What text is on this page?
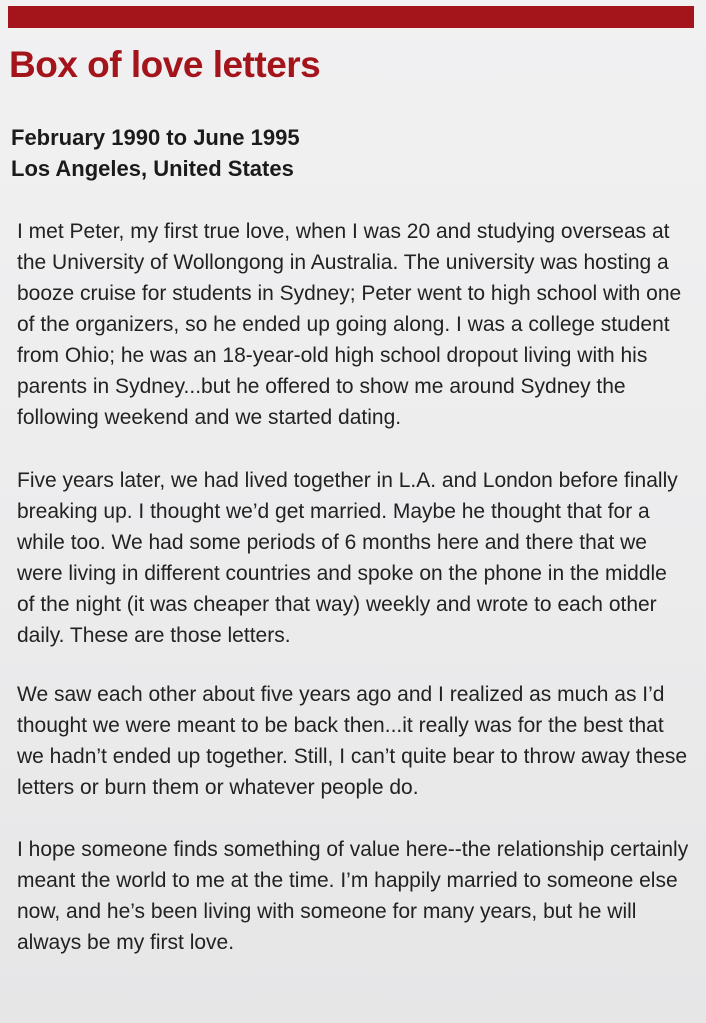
Box of love letters
February 1990 to June 1995
Los Angeles, United States

I met Peter, my first true love, when I was 20 and studying overseas at the University of Wollongong in Australia. The university was hosting a booze cruise for students in Sydney; Peter went to high school with one of the organizers, so he ended up going along. I was a college student from Ohio; he was an 18-year-old high school dropout living with his parents in Sydney...but he offered to show me around Sydney the following weekend and we started dating.

Five years later, we had lived together in L.A. and London before finally breaking up. I thought we’d get married. Maybe he thought that for a while too. We had some periods of 6 months here and there that we were living in different countries and spoke on the phone in the middle of the night (it was cheaper that way) weekly and wrote to each other daily. These are those letters.

We saw each other about five years ago and I realized as much as I’d thought we were meant to be back then...it really was for the best that we hadn’t ended up together. Still, I can’t quite bear to throw away these letters or burn them or whatever people do.

I hope someone finds something of value here--the relationship certainly meant the world to me at the time. I’m happily married to someone else now, and he’s been living with someone for many years, but he will always be my first love.
